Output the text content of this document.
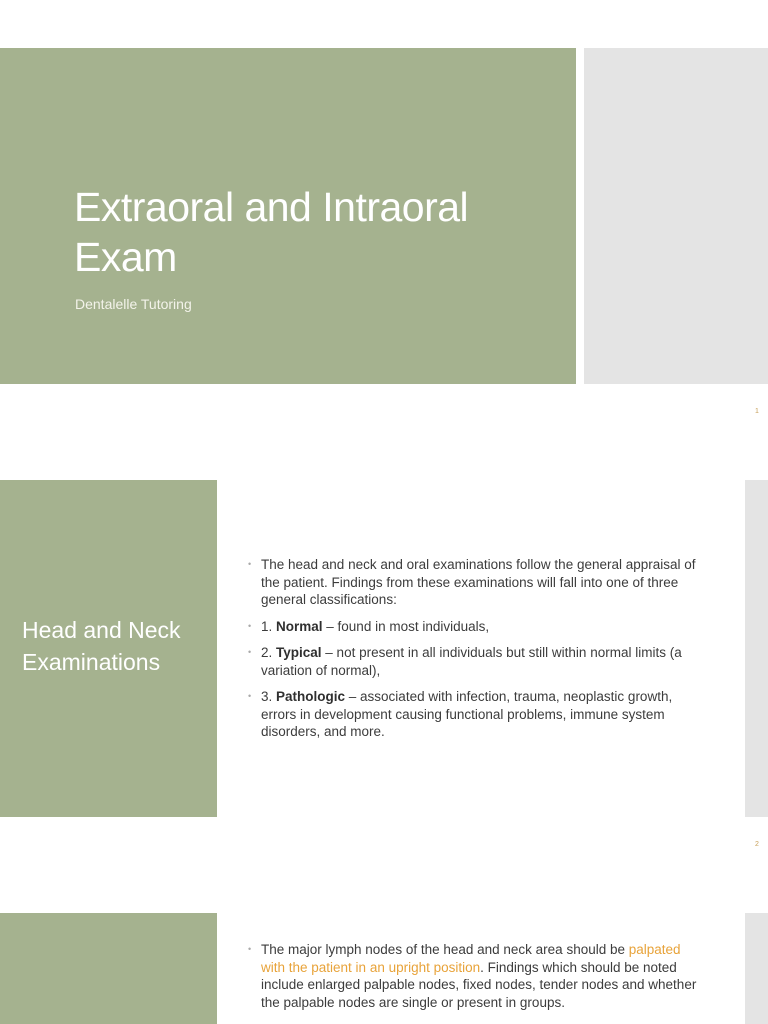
Extraoral and Intraoral Exam
Dentalelle Tutoring
1
Head and Neck Examinations
• The head and neck and oral examinations follow the general appraisal of the patient. Findings from these examinations will fall into one of three general classifications:
• 1. Normal – found in most individuals,
• 2. Typical – not present in all individuals but still within normal limits (a variation of normal),
• 3. Pathologic – associated with infection, trauma, neoplastic growth, errors in development causing functional problems, immune system disorders, and more.
2
• The major lymph nodes of the head and neck area should be palpated with the patient in an upright position. Findings which should be noted include enlarged palpable nodes, fixed nodes, tender nodes and whether the palpable nodes are single or present in groups.
